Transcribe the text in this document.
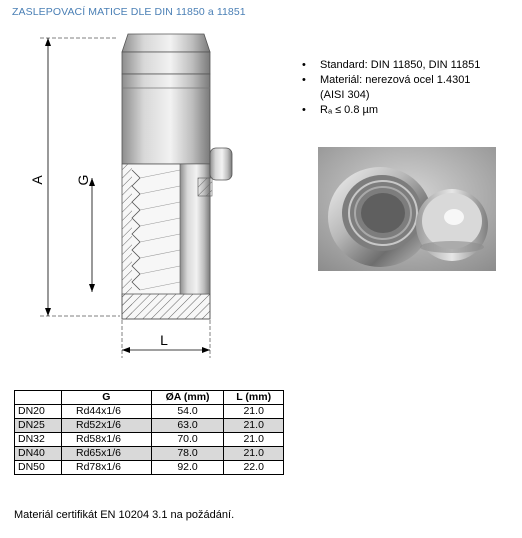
ZASLEPOVACÍ MATICE DLE DIN 11850 a 11851
A G
L
• Standard: DIN 11850, DIN 11851
• Materiál: nerezová ocel 1.4301
(AISI 304)
• Rₐ ≤ 0.8 µm
	G	ØA (mm)	L (mm)
DN20	Rd44x1/6	54.0	21.0
DN25	Rd52x1/6	63.0	21.0
DN32	Rd58x1/6	70.0	21.0
DN40	Rd65x1/6	78.0	21.0
DN50	Rd78x1/6	92.0	22.0
Materiál certifikát EN 10204 3.1 na požádání.
